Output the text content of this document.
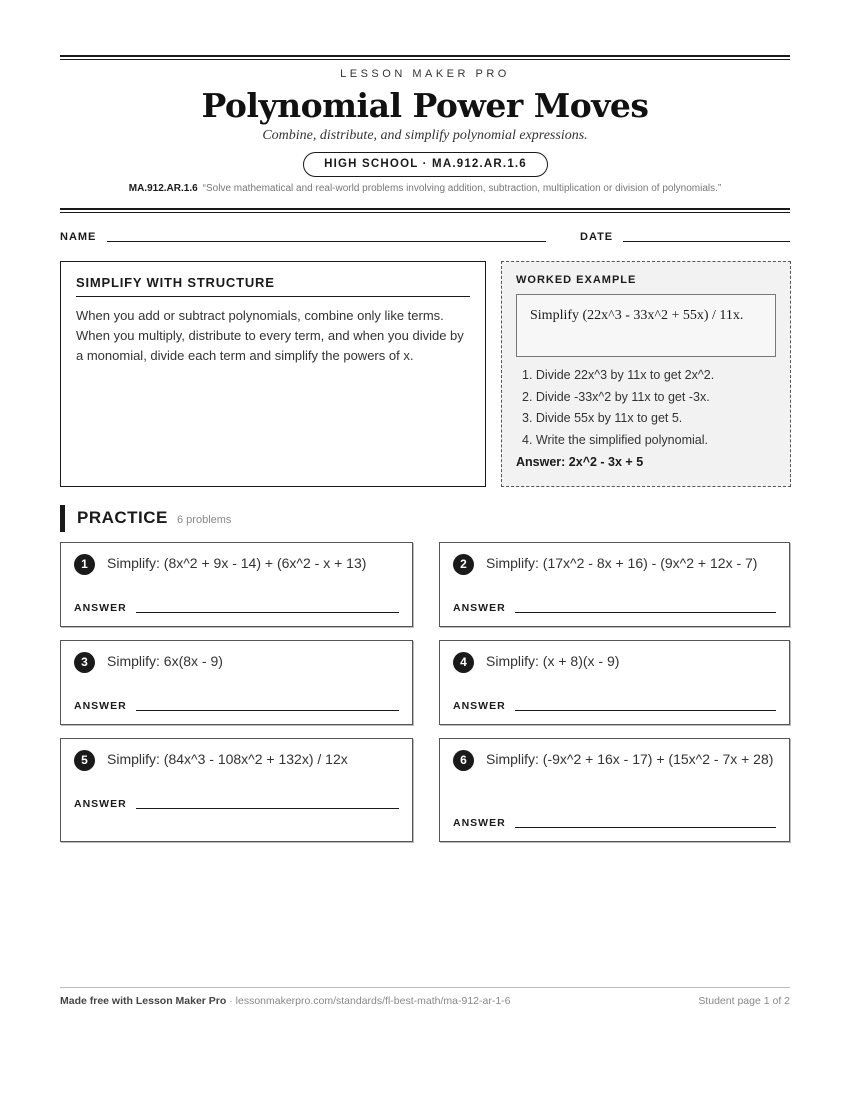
LESSON MAKER PRO
Polynomial Power Moves
Combine, distribute, and simplify polynomial expressions.
HIGH SCHOOL · MA.912.AR.1.6
MA.912.AR.1.6 “Solve mathematical and real-world problems involving addition, subtraction, multiplication or division of polynomials.”
NAME	DATE
SIMPLIFY WITH STRUCTURE

When you add or subtract polynomials, combine only like terms. When you multiply, distribute to every term, and when you divide by a monomial, divide each term and simplify the powers of x.

WORKED EXAMPLE
Simplify (22x^3 - 33x^2 + 55x) / 11x.
1. Divide 22x^3 by 11x to get 2x^2.
2. Divide -33x^2 by 11x to get -3x.
3. Divide 55x by 11x to get 5.
4. Write the simplified polynomial.
Answer: 2x^2 - 3x + 5
PRACTICE 6 problems
1	Simplify: (8x^2 + 9x - 14) + (6x^2 - x + 13)
ANSWER
2	Simplify: (17x^2 - 8x + 16) - (9x^2 + 12x - 7)
ANSWER
3	Simplify: 6x(8x - 9)
ANSWER
4	Simplify: (x + 8)(x - 9)
ANSWER
5	Simplify: (84x^3 - 108x^2 + 132x) / 12x
ANSWER
6	Simplify: (-9x^2 + 16x - 17) + (15x^2 - 7x + 28)
ANSWER
Made free with Lesson Maker Pro · lessonmakerpro.com/standards/fl-best-math/ma-912-ar-1-6	Student page 1 of 2
